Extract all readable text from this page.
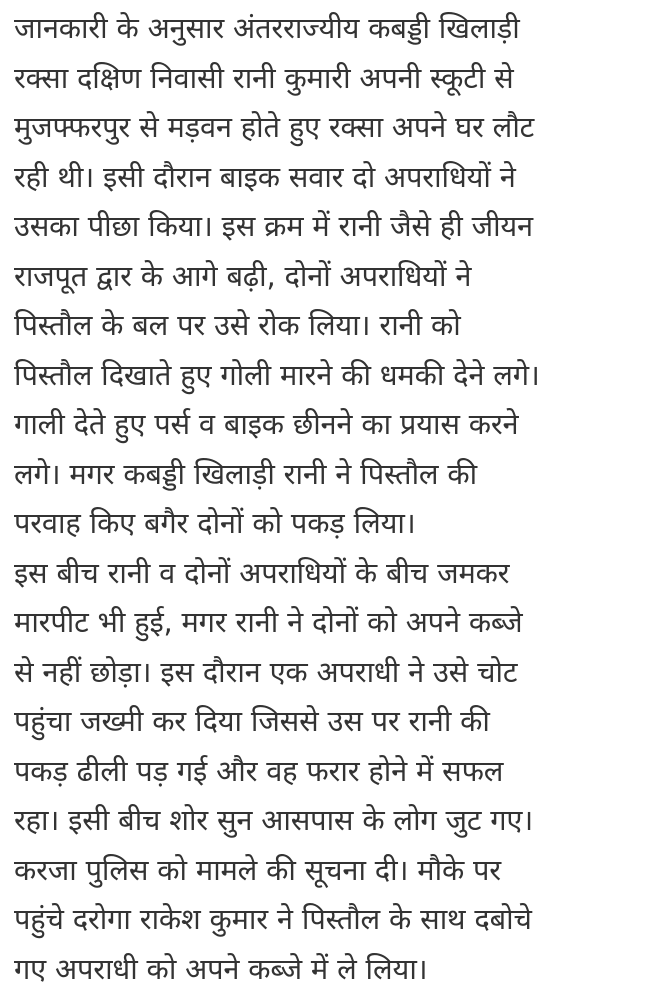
जानकारी के अनुसार अंतरराज्यीय कबड्डी खिलाड़ी
रक्सा दक्षिण निवासी रानी कुमारी अपनी स्कूटी से
मुजफ्फरपुर से मड़वन होते हुए रक्सा अपने घर लौट
रही थी। इसी दौरान बाइक सवार दो अपराधियों ने
उसका पीछा किया। इस क्रम में रानी जैसे ही जीयन
राजपूत द्वार के आगे बढ़ी, दोनों अपराधियों ने
पिस्तौल के बल पर उसे रोक लिया। रानी को
पिस्तौल दिखाते हुए गोली मारने की धमकी देने लगे।
गाली देते हुए पर्स व बाइक छीनने का प्रयास करने
लगे। मगर कबड्डी खिलाड़ी रानी ने पिस्तौल की
परवाह किए बगैर दोनों को पकड़ लिया।
इस बीच रानी व दोनों अपराधियों के बीच जमकर
मारपीट भी हुई, मगर रानी ने दोनों को अपने कब्जे
से नहीं छोड़ा। इस दौरान एक अपराधी ने उसे चोट
पहुंचा जख्मी कर दिया जिससे उस पर रानी की
पकड़ ढीली पड़ गई और वह फरार होने में सफल
रहा। इसी बीच शोर सुन आसपास के लोग जुट गए।
करजा पुलिस को मामले की सूचना दी। मौके पर
पहुंचे दरोगा राकेश कुमार ने पिस्तौल के साथ दबोचे
गए अपराधी को अपने कब्जे में ले लिया।
